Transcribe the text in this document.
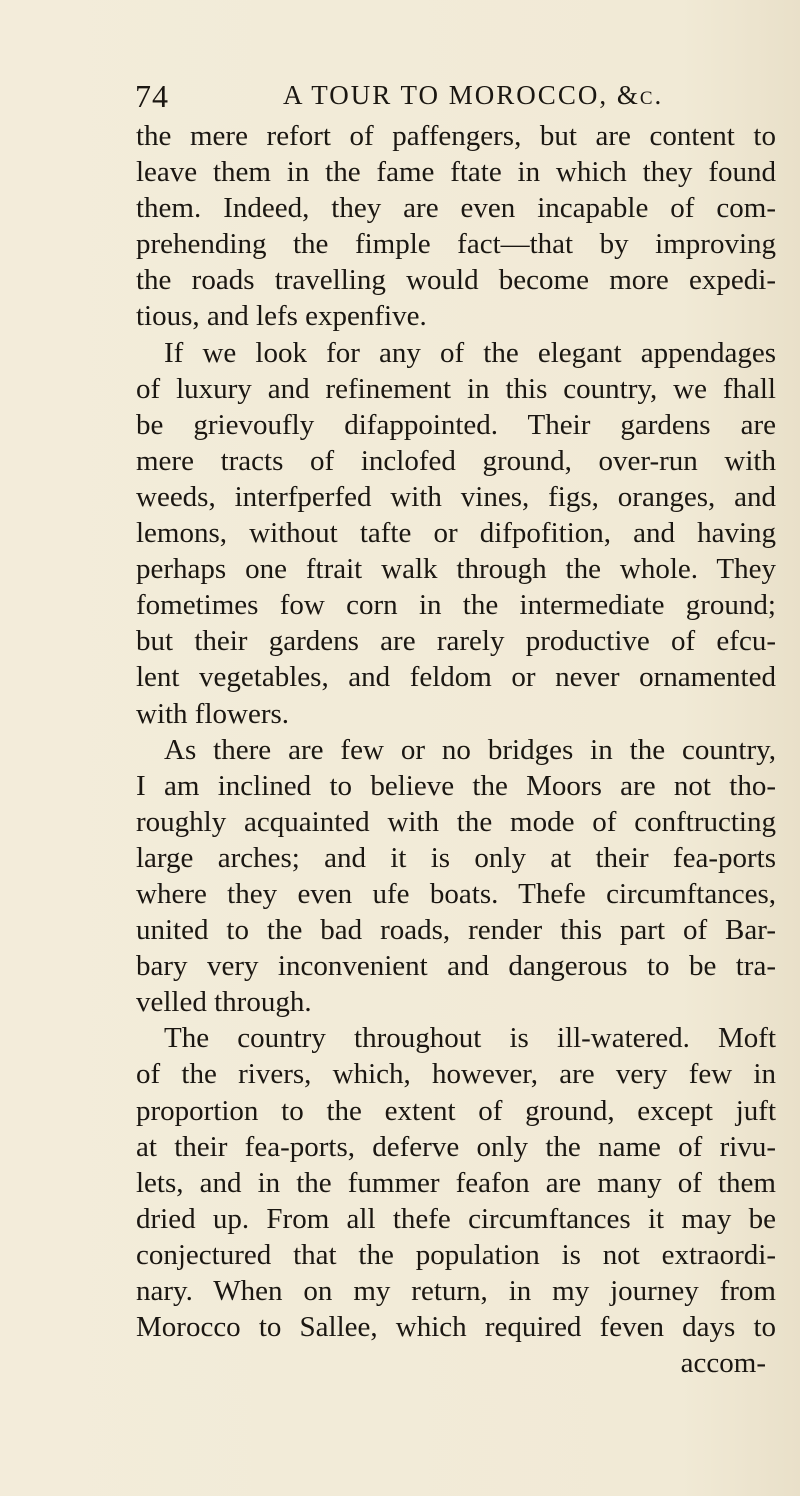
74	A TOUR TO MOROCCO, &c.
the mere refort of paffengers, but are content to
leave them in the fame ftate in which they found
them. Indeed, they are even incapable of com-
prehending the fimple fact—that by improving
the roads travelling would become more expedi-
tious, and lefs expenfive.
If we look for any of the elegant appendages
of luxury and refinement in this country, we fhall
be grievoufly difappointed. Their gardens are
mere tracts of inclofed ground, over-run with
weeds, interfperfed with vines, figs, oranges, and
lemons, without tafte or difpofition, and having
perhaps one ftrait walk through the whole. They
fometimes fow corn in the intermediate ground;
but their gardens are rarely productive of efcu-
lent vegetables, and feldom or never ornamented
with flowers.
As there are few or no bridges in the country,
I am inclined to believe the Moors are not tho-
roughly acquainted with the mode of conftructing
large arches; and it is only at their fea-ports
where they even ufe boats. Thefe circumftances,
united to the bad roads, render this part of Bar-
bary very inconvenient and dangerous to be tra-
velled through.
The country throughout is ill-watered. Moft
of the rivers, which, however, are very few in
proportion to the extent of ground, except juft
at their fea-ports, deferve only the name of rivu-
lets, and in the fummer feafon are many of them
dried up. From all thefe circumftances it may be
conjectured that the population is not extraordi-
nary. When on my return, in my journey from
Morocco to Sallee, which required feven days to
accom-
